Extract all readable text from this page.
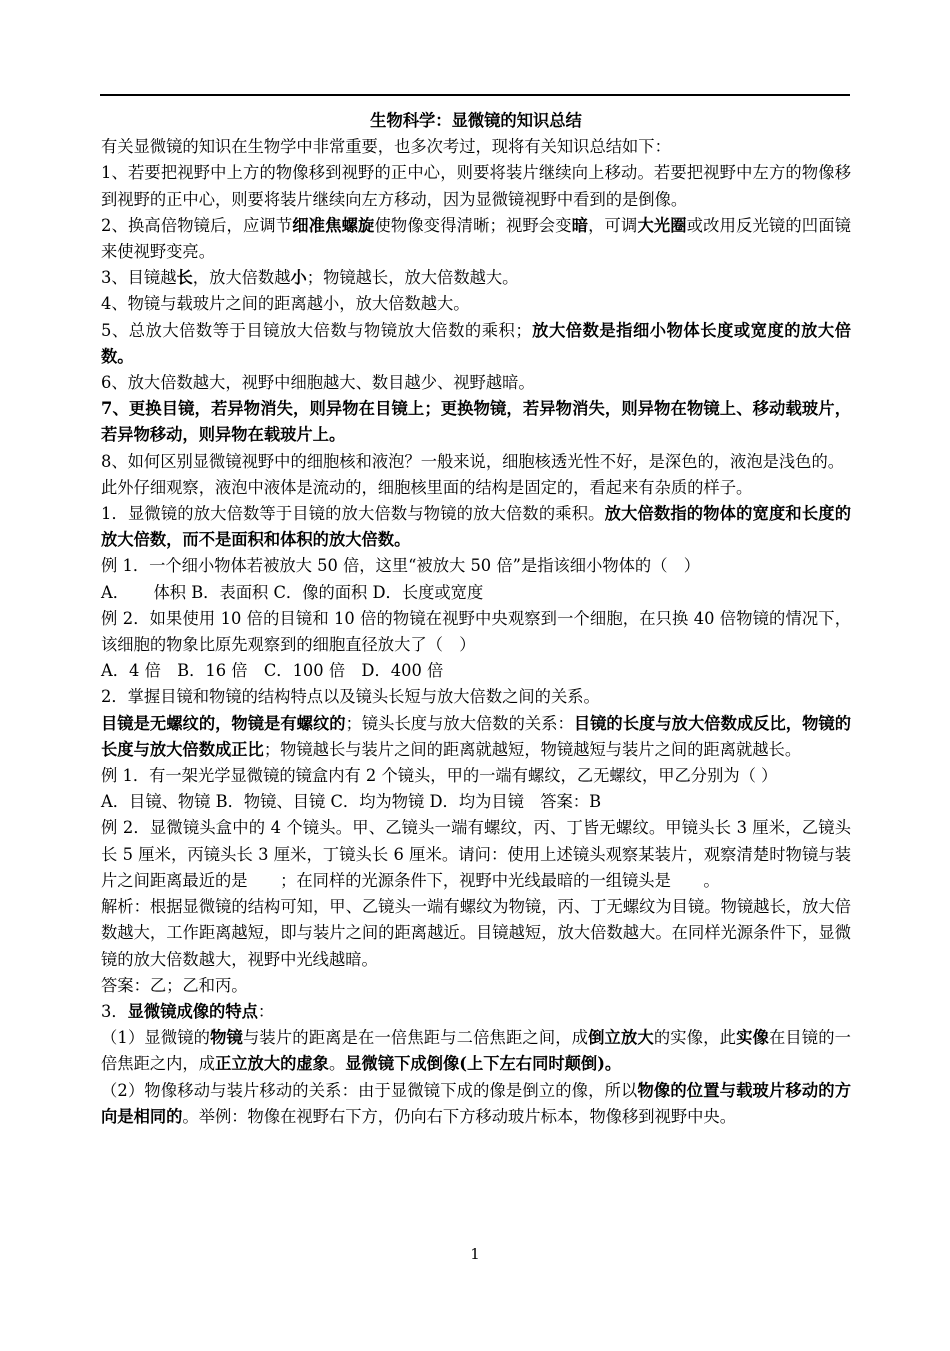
生物科学：显微镜的知识总结

有关显微镜的知识在生物学中非常重要，也多次考过，现将有关知识总结如下：

1、若要把视野中上方的物像移到视野的正中心，则要将装片继续向上移动。若要把视野中左方的物像移到视野的正中心，则要将装片继续向左方移动，因为显微镜视野中看到的是倒像。

2、换高倍物镜后，应调节细准焦螺旋使物像变得清晰；视野会变暗，可调大光圈或改用反光镜的凹面镜来使视野变亮。

3、目镜越长，放大倍数越小；物镜越长，放大倍数越大。

4、物镜与载玻片之间的距离越小，放大倍数越大。

5、总放大倍数等于目镜放大倍数与物镜放大倍数的乘积；放大倍数是指细小物体长度或宽度的放大倍数。

6、放大倍数越大，视野中细胞越大、数目越少、视野越暗。

7、更换目镜，若异物消失，则异物在目镜上；更换物镜，若异物消失，则异物在物镜上、移动载玻片，若异物移动，则异物在载玻片上。

8、如何区别显微镜视野中的细胞核和液泡？一般来说，细胞核透光性不好，是深色的，液泡是浅色的。

此外仔细观察，液泡中液体是流动的，细胞核里面的结构是固定的，看起来有杂质的样子。

1．显微镜的放大倍数等于目镜的放大倍数与物镜的放大倍数的乘积。放大倍数指的物体的宽度和长度的放大倍数，而不是面积和体积的放大倍数。

例 1．一个细小物体若被放大 50 倍，这里“被放大 50 倍”是指该细小物体的（　）

A．　　体积 B．表面积 C．像的面积 D．长度或宽度

例 2．如果使用 10 倍的目镜和 10 倍的物镜在视野中央观察到一个细胞，在只换 40 倍物镜的情况下，该细胞的物象比原先观察到的细胞直径放大了（　）

A．4 倍　B．16 倍　C．100 倍　D．400 倍

2．掌握目镜和物镜的结构特点以及镜头长短与放大倍数之间的关系。

目镜是无螺纹的，物镜是有螺纹的；镜头长度与放大倍数的关系：目镜的长度与放大倍数成反比，物镜的长度与放大倍数成正比；物镜越长与装片之间的距离就越短，物镜越短与装片之间的距离就越长。

例 1．有一架光学显微镜的镜盒内有 2 个镜头，甲的一端有螺纹，乙无螺纹，甲乙分别为（ ）

A．目镜、物镜 B．物镜、目镜 C．均为物镜 D．均为目镜　答案：B

例 2．显微镜头盒中的 4 个镜头。甲、乙镜头一端有螺纹，丙、丁皆无螺纹。甲镜头长 3 厘米，乙镜头长 5 厘米，丙镜头长 3 厘米，丁镜头长 6 厘米。请问：使用上述镜头观察某装片，观察清楚时物镜与装片之间距离最近的是　　；在同样的光源条件下，视野中光线最暗的一组镜头是　　。

解析：根据显微镜的结构可知，甲、乙镜头一端有螺纹为物镜，丙、丁无螺纹为目镜。物镜越长，放大倍数越大，工作距离越短，即与装片之间的距离越近。目镜越短，放大倍数越大。在同样光源条件下，显微镜的放大倍数越大，视野中光线越暗。

答案：乙；乙和丙。

3．显微镜成像的特点：

（1）显微镜的物镜与装片的距离是在一倍焦距与二倍焦距之间，成倒立放大的实像，此实像在目镜的一倍焦距之内，成正立放大的虚象。显微镜下成倒像(上下左右同时颠倒)。

（2）物像移动与装片移动的关系：由于显微镜下成的像是倒立的像，所以物像的位置与载玻片移动的方向是相同的。举例：物像在视野右下方，仍向右下方移动玻片标本，物像移到视野中央。

1
